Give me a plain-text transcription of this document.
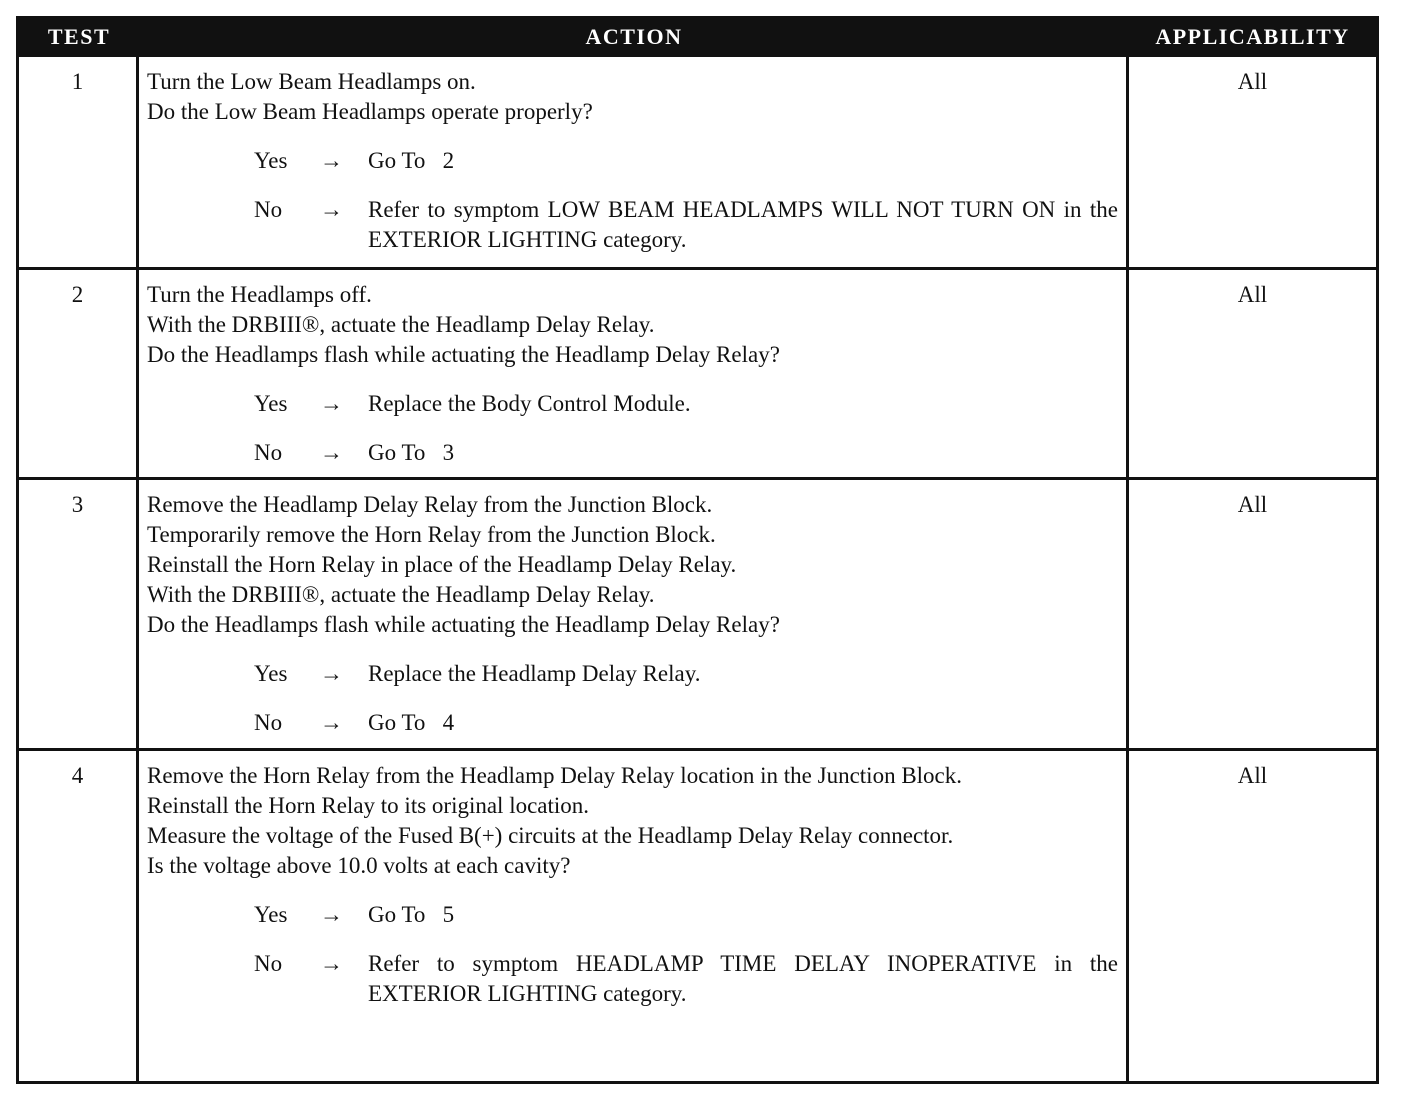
TEST	ACTION	APPLICABILITY
1	Turn the Low Beam Headlamps on.
Do the Low Beam Headlamps operate properly?
Yes	→	Go To   2
No	→	Refer to symptom LOW BEAM HEADLAMPS WILL NOT TURN ON in the EXTERIOR LIGHTING category.
All
2	Turn the Headlamps off.
With the DRBIII®, actuate the Headlamp Delay Relay.
Do the Headlamps flash while actuating the Headlamp Delay Relay?
Yes	→	Replace the Body Control Module.
No	→	Go To   3
All
3	Remove the Headlamp Delay Relay from the Junction Block.
Temporarily remove the Horn Relay from the Junction Block.
Reinstall the Horn Relay in place of the Headlamp Delay Relay.
With the DRBIII®, actuate the Headlamp Delay Relay.
Do the Headlamps flash while actuating the Headlamp Delay Relay?
Yes	→	Replace the Headlamp Delay Relay.
No	→	Go To   4
All
4	Remove the Horn Relay from the Headlamp Delay Relay location in the Junction Block.
Reinstall the Horn Relay to its original location.
Measure the voltage of the Fused B(+) circuits at the Headlamp Delay Relay connector.
Is the voltage above 10.0 volts at each cavity?
Yes	→	Go To   5
No	→	Refer to symptom HEADLAMP TIME DELAY INOPERATIVE in the EXTERIOR LIGHTING category.
All
